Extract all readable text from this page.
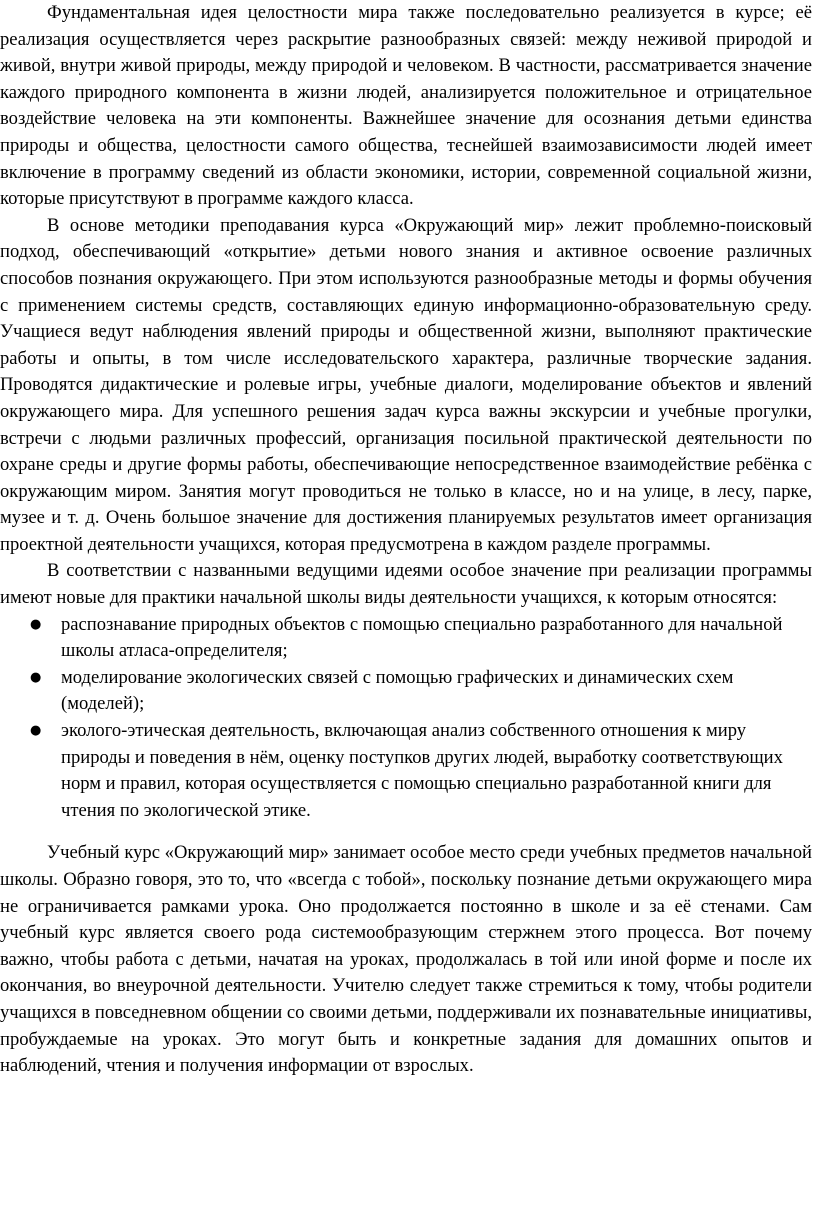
Фундаментальная идея целостности мира также последовательно реализуется в курсе; её реализация осуществляется через раскрытие разнообразных связей: между неживой природой и живой, внутри живой природы, между природой и человеком. В частности, рассматривается значение каждого природного компонента в жизни людей, анализируется положительное и отрицательное воздействие человека на эти компоненты. Важнейшее значение для осознания детьми единства природы и общества, целостности самого общества, теснейшей взаимозависимости людей имеет включение в программу сведений из области экономики, истории, современной социальной жизни, которые присутствуют в программе каждого класса.

В основе методики преподавания курса «Окружающий мир» лежит проблемно-поисковый подход, обеспечивающий «открытие» детьми нового знания и активное освоение различных способов познания окружающего. При этом используются разнообразные методы и формы обучения с применением системы средств, составляющих единую информационно-образовательную среду. Учащиеся ведут наблюдения явлений природы и общественной жизни, выполняют практические работы и опыты, в том числе исследовательского характера, различные творческие задания. Проводятся дидактические и ролевые игры, учебные диалоги, моделирование объектов и явлений окружающего мира. Для успешного решения задач курса важны экскурсии и учебные прогулки, встречи с людьми различных профессий, организация посильной практической деятельности по охране среды и другие формы работы, обеспечивающие непосредственное взаимодействие ребёнка с окружающим миром. Занятия могут проводиться не только в классе, но и на улице, в лесу, парке, музее и т. д. Очень большое значение для достижения планируемых результатов имеет организация проектной деятельности учащихся, которая предусмотрена в каждом разделе программы.

В соответствии с названными ведущими идеями особое значение при реализации программы имеют новые для практики начальной школы виды деятельности учащихся, к которым относятся:

● распознавание природных объектов с помощью специально разработанного для начальной школы атласа-определителя;
● моделирование экологических связей с помощью графических и динамических схем (моделей);
● эколого-этическая деятельность, включающая анализ собственного отношения к миру природы и поведения в нём, оценку поступков других людей, выработку соответствующих норм и правил, которая осуществляется с помощью специально разработанной книги для чтения по экологической этике.

Учебный курс «Окружающий мир» занимает особое место среди учебных предметов начальной школы. Образно говоря, это то, что «всегда с тобой», поскольку познание детьми окружающего мира не ограничивается рамками урока. Оно продолжается постоянно в школе и за её стенами. Сам учебный курс является своего рода системообразующим стержнем этого процесса. Вот почему важно, чтобы работа с детьми, начатая на уроках, продолжалась в той или иной форме и после их окончания, во внеурочной деятельности. Учителю следует также стремиться к тому, чтобы родители учащихся в повседневном общении со своими детьми, поддерживали их познавательные инициативы, пробуждаемые на уроках. Это могут быть и конкретные задания для домашних опытов и наблюдений, чтения и получения информации от взрослых.
